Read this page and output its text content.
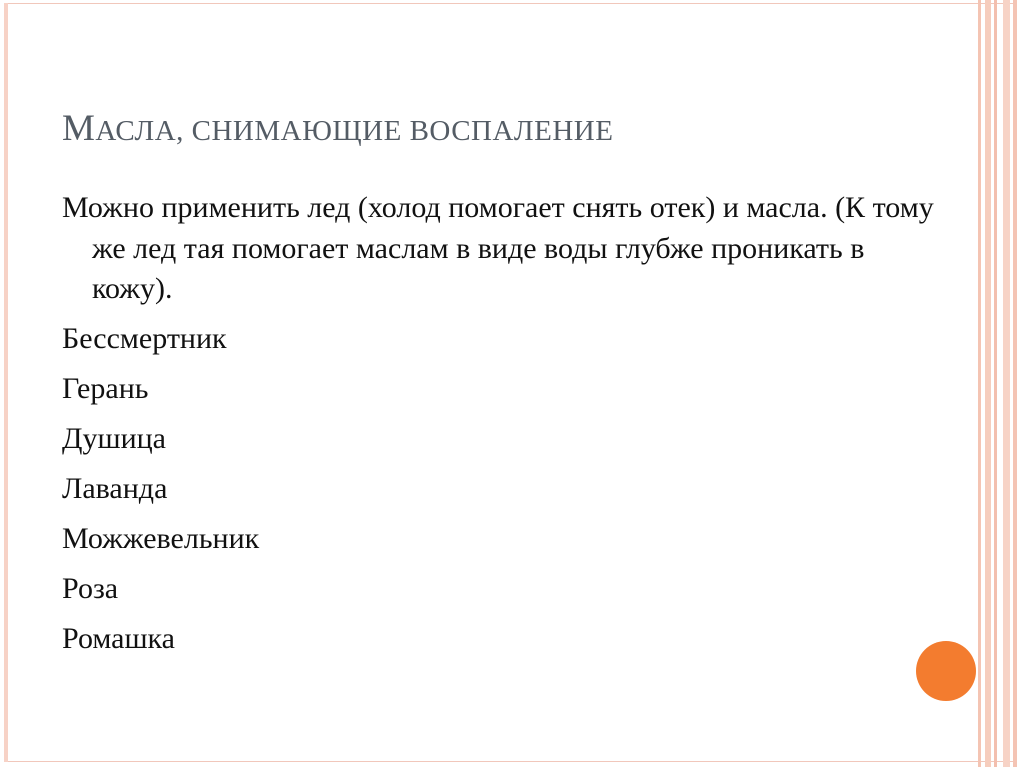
МАСЛА, СНИМАЮЩИЕ ВОСПАЛЕНИЕ

Можно применить лед (холод помогает снять отек) и масла. (К тому же лед тая помогает маслам в виде воды глубже проникать в кожу).

Бессмертник
Герань
Душица
Лаванда
Можжевельник
Роза
Ромашка
